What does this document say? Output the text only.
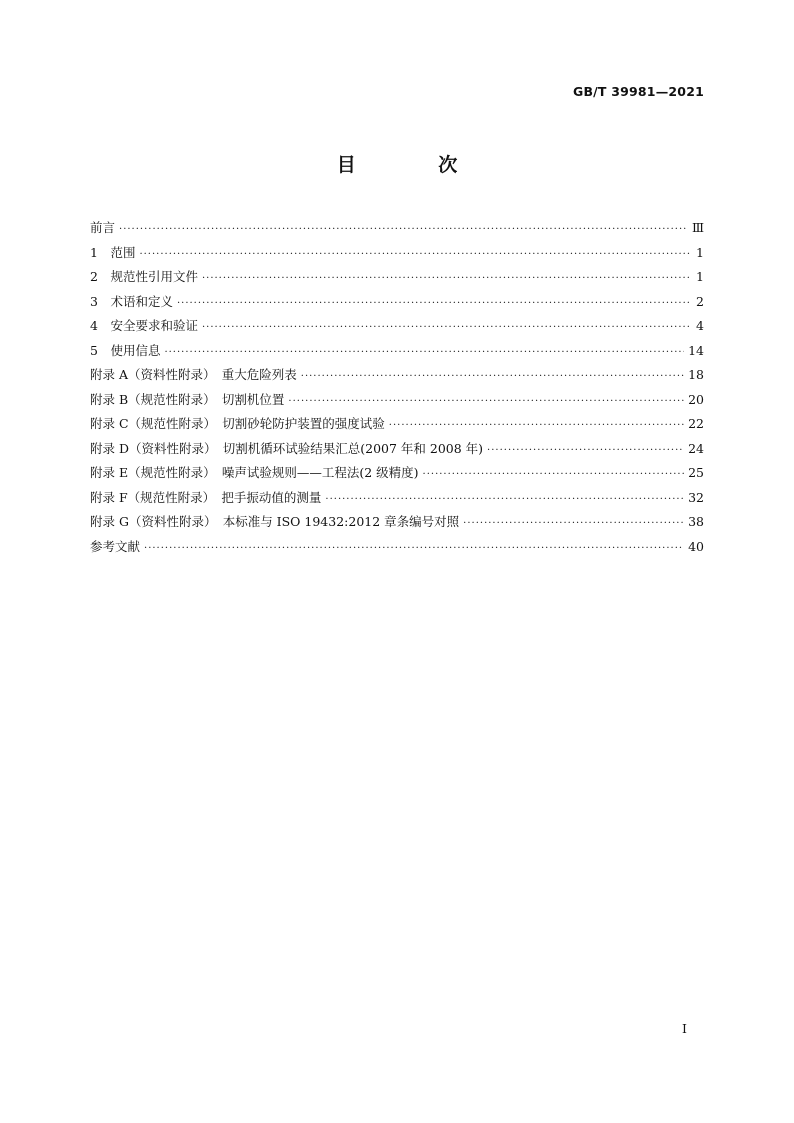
GB/T 39981—2021
目 次
前言 ·····	Ⅲ
1　范围 ·····	1
2　规范性引用文件 ·····	1
3　术语和定义 ·····	2
4　安全要求和验证 ·····	4
5　使用信息 ·····	14
附录 A（资料性附录）　重大危险列表 ·····	18
附录 B（规范性附录）　切割机位置 ·····	20
附录 C（规范性附录）　切割砂轮防护装置的强度试验 ·····	22
附录 D（资料性附录）　切割机循环试验结果汇总(2007 年和 2008 年) ·····	24
附录 E（规范性附录）　噪声试验规则——工程法(2 级精度) ·····	25
附录 F（规范性附录）　把手振动值的测量 ·····	32
附录 G（资料性附录）　本标准与 ISO 19432:2012 章条编号对照 ·····	38
参考文献 ·····	40
I
